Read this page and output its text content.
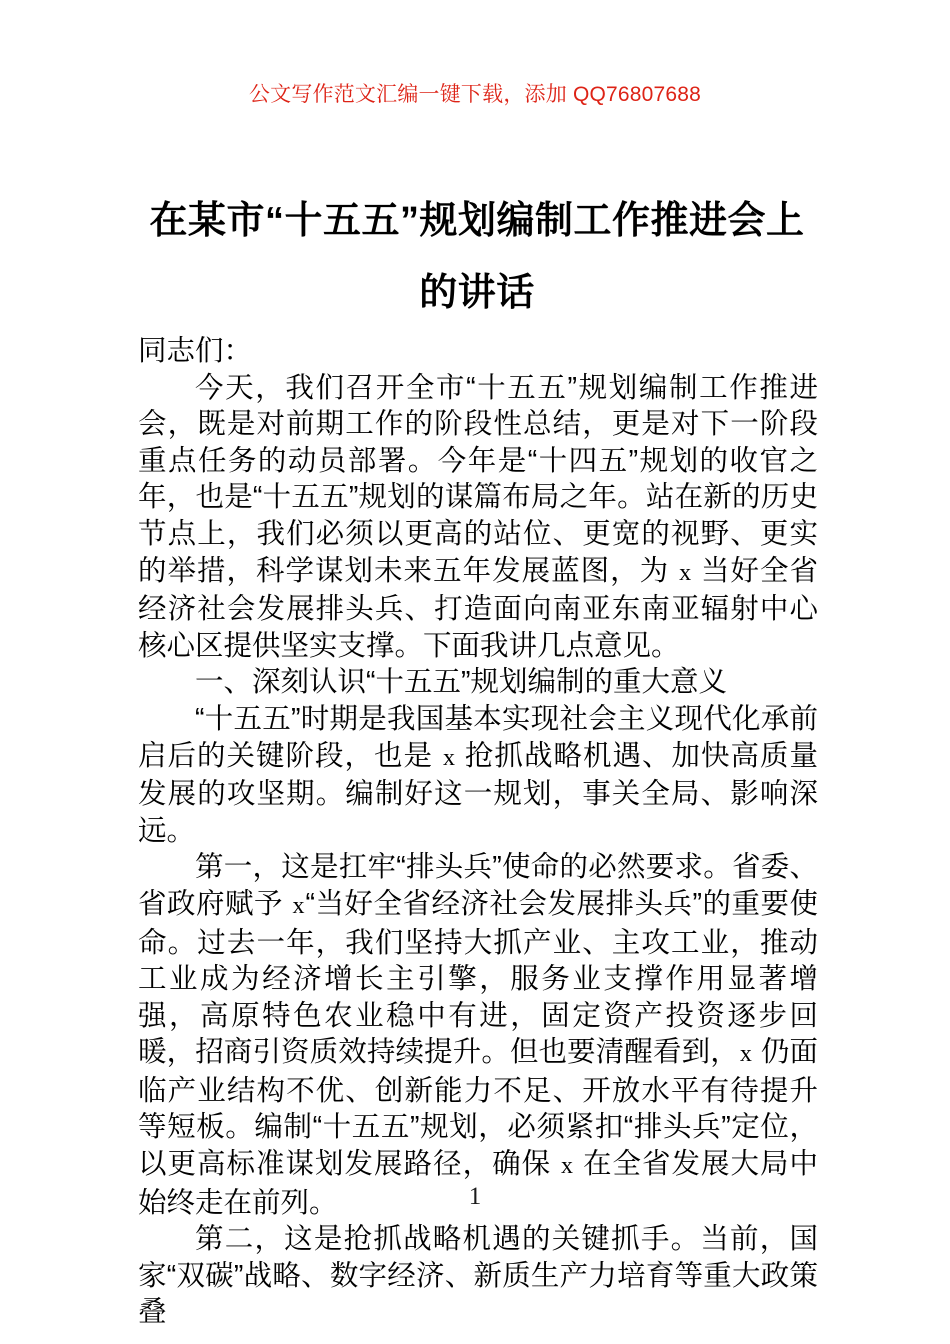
公文写作范文汇编一键下载，添加 QQ76807688
在某市“十五五”规划编制工作推进会上的讲话

同志们：

今天，我们召开全市“十五五”规划编制工作推进会，既是对前期工作的阶段性总结，更是对下一阶段重点任务的动员部署。今年是“十四五”规划的收官之年，也是“十五五”规划的谋篇布局之年。站在新的历史节点上，我们必须以更高的站位、更宽的视野、更实的举措，科学谋划未来五年发展蓝图，为 x 当好全省经济社会发展排头兵、打造面向南亚东南亚辐射中心核心区提供坚实支撑。下面我讲几点意见。

一、深刻认识“十五五”规划编制的重大意义

“十五五”时期是我国基本实现社会主义现代化承前启后的关键阶段，也是 x 抢抓战略机遇、加快高质量发展的攻坚期。编制好这一规划，事关全局、影响深远。

第一，这是扛牢“排头兵”使命的必然要求。省委、省政府赋予 x“当好全省经济社会发展排头兵”的重要使命。过去一年，我们坚持大抓产业、主攻工业，推动工业成为经济增长主引擎，服务业支撑作用显著增强，高原特色农业稳中有进，固定资产投资逐步回暖，招商引资质效持续提升。但也要清醒看到，x 仍面临产业结构不优、创新能力不足、开放水平有待提升等短板。编制“十五五”规划，必须紧扣“排头兵”定位，以更高标准谋划发展路径，确保 x 在全省发展大局中始终走在前列。

第二，这是抢抓战略机遇的关键抓手。当前，国家“双碳”战略、数字经济、新质生产力培育等重大政策叠

1
